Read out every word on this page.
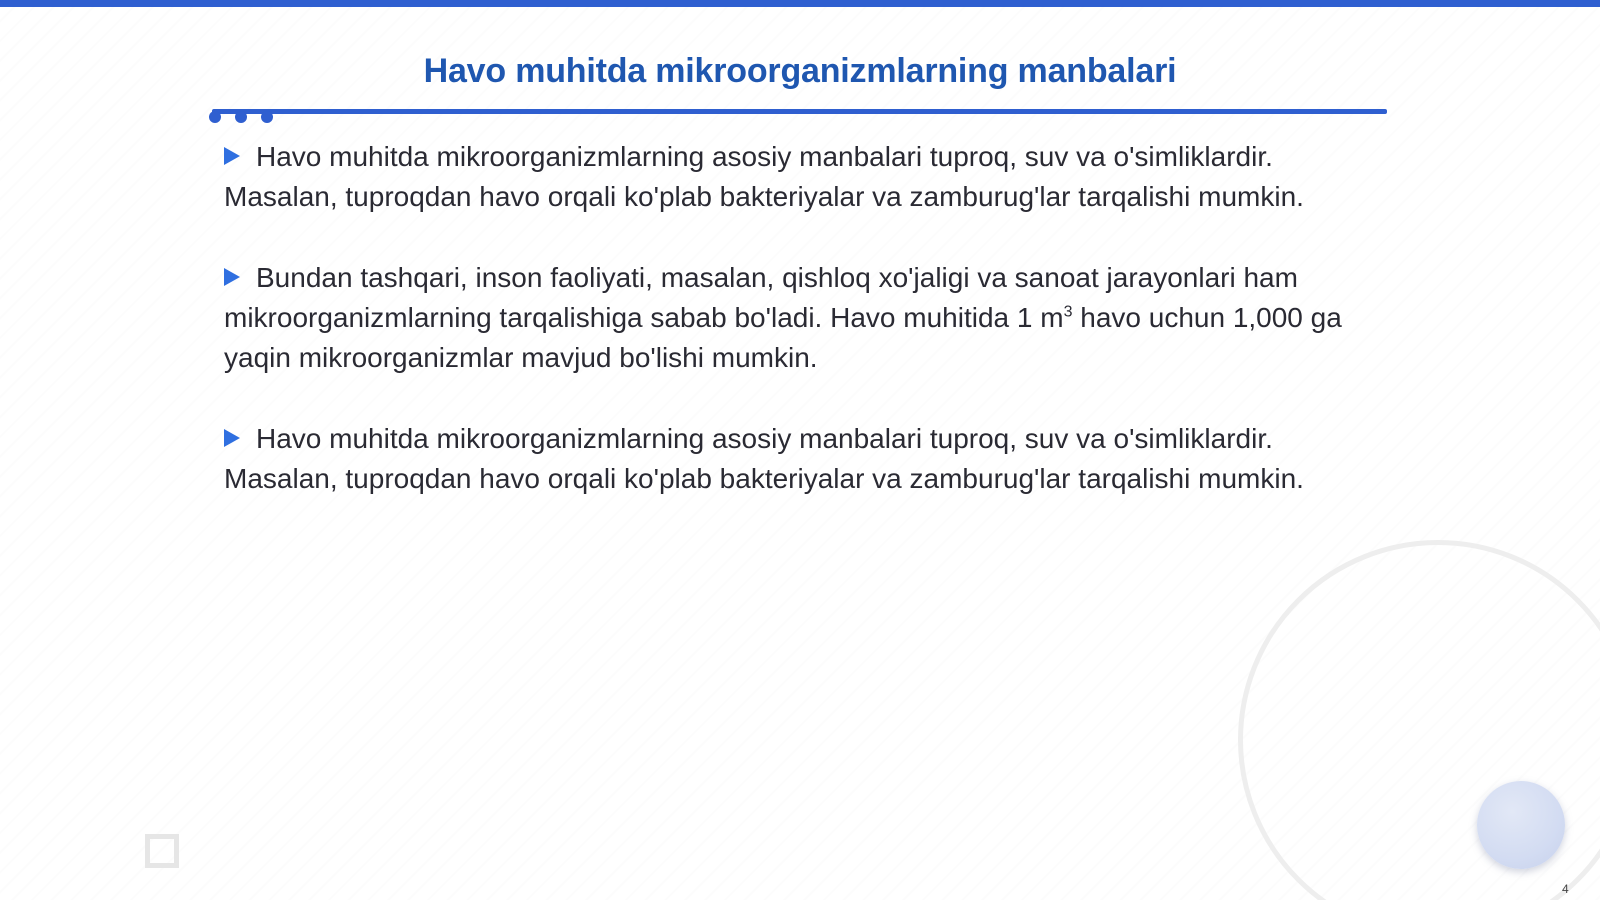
Havo muhitda mikroorganizmlarning manbalari
Havo muhitda mikroorganizmlarning asosiy manbalari tuproq, suv va o'simliklardir. Masalan, tuproqdan havo orqali ko'plab bakteriyalar va zamburug'lar tarqalishi mumkin.
Bundan tashqari, inson faoliyati, masalan, qishloq xo'jaligi va sanoat jarayonlari ham mikroorganizmlarning tarqalishiga sabab bo'ladi. Havo muhitida 1 $m^3$ havo uchun 1,000 ga yaqin mikroorganizmlar mavjud bo'lishi mumkin.
Havo muhitda mikroorganizmlarning asosiy manbalari tuproq, suv va o'simliklardir. Masalan, tuproqdan havo orqali ko'plab bakteriyalar va zamburug'lar tarqalishi mumkin.
4
